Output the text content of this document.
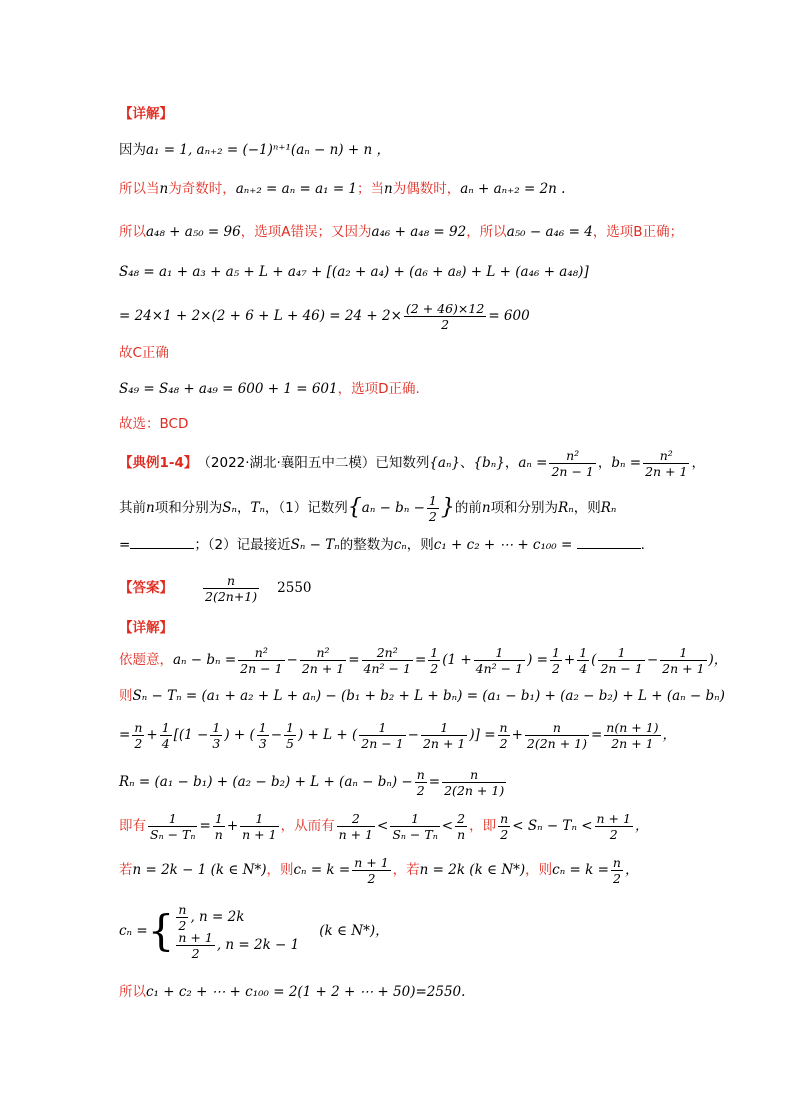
【详解】
因为a₁ = 1, aₙ₊₂ = (−1)ⁿ⁺¹(aₙ − n) + n ，
所以当n为奇数时，aₙ₊₂ = aₙ = a₁ = 1；当n为偶数时，aₙ + aₙ₊₂ = 2n .
所以a₄₈ + a₅₀ = 96，选项A错误；又因为a₄₆ + a₄₈ = 92，所以a₅₀ − a₄₆ = 4，选项B正确；
S₄₈ = a₁ + a₃ + a₅ + L + a₄₇ + [(a₂ + a₄) + (a₆ + a₈) + L + (a₄₆ + a₄₈)]
= $24\times 1 + 2\times(2 + 6 + L + 46) = 24 + 2\times \frac{(2 + 46)\times 12}{2} = 600$
故C正确
S₄₉ = S₄₈ + a₄₉ = 600 + 1 = 601，选项D正确.
故选：BCD
【典例1-4】 （2022·湖北·襄阳五中二模）已知数列 {aₙ} 、 {bₙ} ， $a_n = \frac{\text{n²}}{2n - 1}$ ， $b_n = \frac{\text{n²}}{2n + 1}$ ，
其前 n 项和分别为 Sₙ ， Tₙ ，（1）记数列 { $a_n - b_n - \frac{1}{2}$ } 的前 n 项和分别为 Rₙ ，则 Rₙ
=	；（2）记最接近Sₙ − Tₙ的整数为cₙ，则c₁ + c₂ + ⋯ + c₁₀₀ =	.
【答案】 $\frac{n}{2(2n+1)} 2550$
【详解】
依题意， $a_n - b_n = \frac{\text{n²}}{2n - 1} - \frac{\text{n²}}{2n + 1} = \frac{\text{2n²}}{\text{4n² − 1}} = \frac{1}{2} (1 + \frac{1}{\text{4n² − 1}}$ ) = $\frac{1}{2} + \frac{1}{4}$ ( $\frac{1}{2n - 1} - \frac{1}{2n + 1}$ )，
则Sₙ − Tₙ = (a₁ + a₂ + L + aₙ) − (b₁ + b₂ + L + bₙ) = (a₁ − b₁) + (a₂ − b₂) + L + (aₙ − bₙ)
= $\frac{n}{2} + \frac{1}{4} [(1 - \frac{1}{3}$ ) + ( $\frac{1}{3} - \frac{1}{5}$ ) + L + ( $\frac{1}{2n - 1} - \frac{1}{2n + 1}$ )] = $\frac{n}{2} + \frac{n}{2(2n + 1)} = \frac{n(n + 1)}{2n + 1}$ ，
$R_n = (a_1 - b_1) + (a_2 - b_2) + L + (a_n - b_n) - \frac{n}{2} = \frac{n}{2(2n + 1)}$
即有 $\frac{1}{\text{Sₙ − Tₙ}} = \frac{1}{n} + \frac{1}{n + 1}$ ，从而有 $\frac{2}{n + 1} < \frac{1}{\text{Sₙ − Tₙ}} < \frac{2}{n}$ ，即 $\frac{n}{2} < S_n - T_n < \frac{n + 1}{2}$ ，
若 n = 2k − 1 (k ∈ N*) ，则 $c_n = k = \frac{n + 1}{2}$ ，若 n = 2k (k ∈ N*) ，则 $c_n = k = \frac{n}{2}$ ，
cₙ = { $\frac{n}{2}$ , n = 2k
$\frac{n + 1}{2}$ , n = 2k − 1
(k ∈ N*) ，
所以c₁ + c₂ + ⋯ + c₁₀₀ = 2(1 + 2 + ⋯ + 50)=2550.
